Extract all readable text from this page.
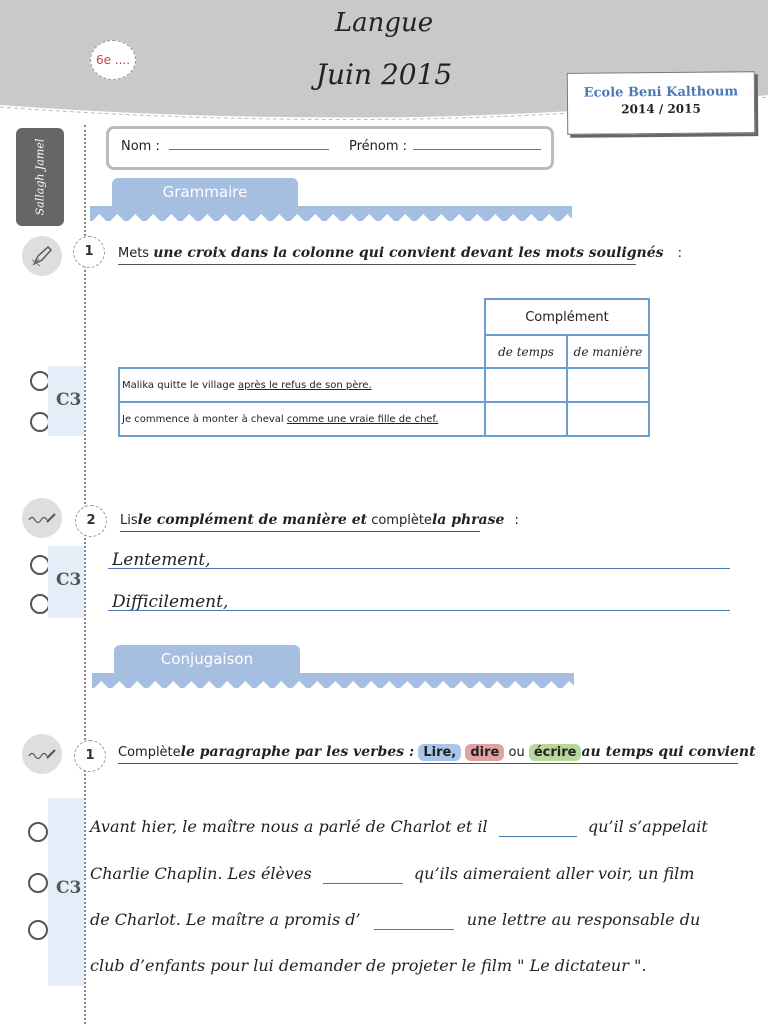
Langue
Juin 2015
6e ....
Ecole Beni Kalthoum
2014 / 2015
Sallagh Jamel	Nom :	Prénom :
Grammaire
1	Mets une croix dans la colonne qui convient devant les mots soulignés :
	Complément	
	de temps	de manière
Malika quitte le village après le refus de son père.		
Je commence à monter à cheval comme une vraie fille de chef.		
C3
2	Lisle complément de manière et complètela phrase :
Lentement,
Difficilement,
C3
Conjugaison
1	Complètele paragraphe par les verbes : Lire, dire ou écrire au temps qui convient
C3
Avant hier, le maître nous a parlé de Charlot et il	qu’il s’appelait
Charlie Chaplin. Les élèves	qu’ils aimeraient aller voir, un film
de Charlot. Le maître a promis d’	une lettre au responsable du
club d’enfants pour lui demander de projeter le film " Le dictateur ".
